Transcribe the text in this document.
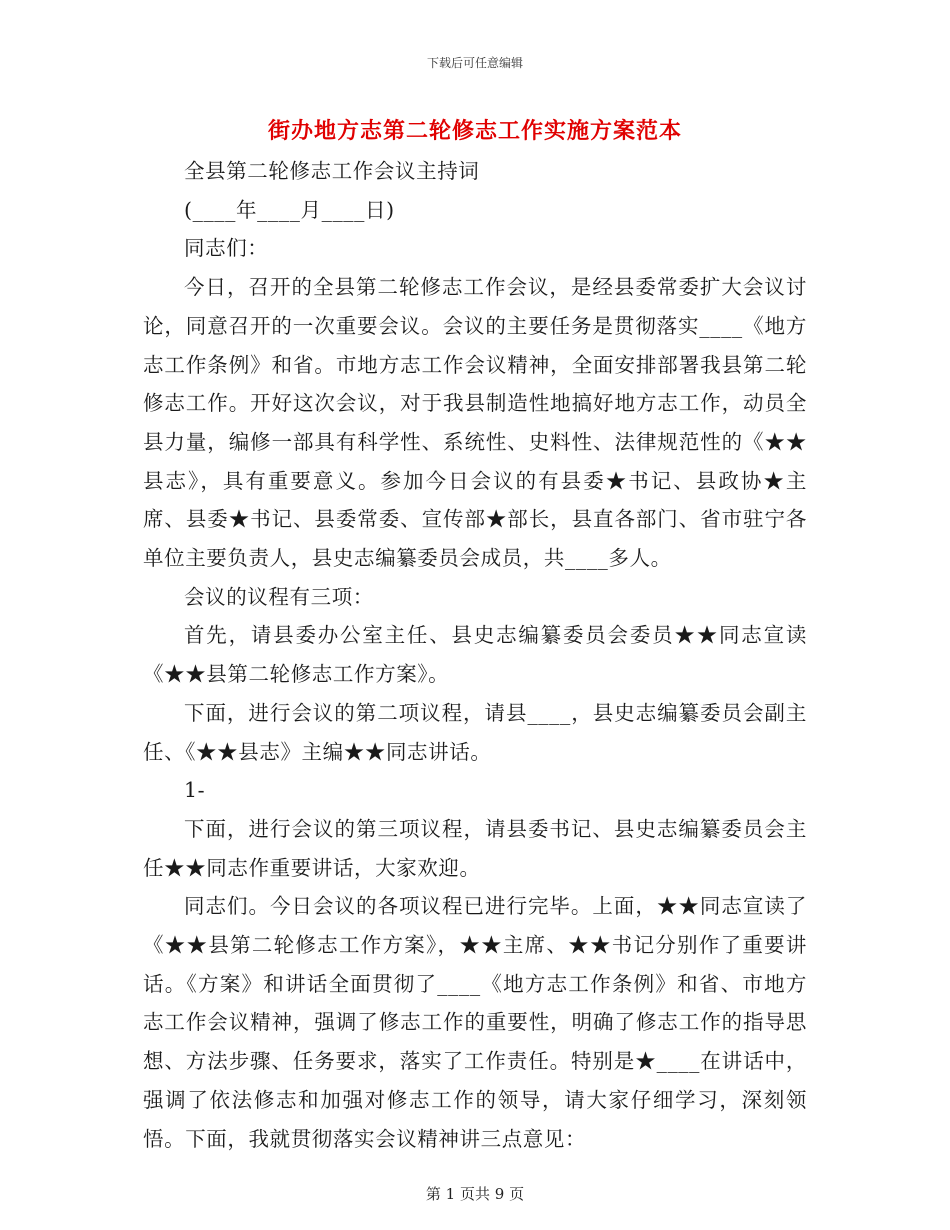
下载后可任意编辑
街办地方志第二轮修志工作实施方案范本

全县第二轮修志工作会议主持词

(____年____月____日)

同志们：

今日，召开的全县第二轮修志工作会议，是经县委常委扩大会议讨论，同意召开的一次重要会议。会议的主要任务是贯彻落实____《地方志工作条例》和省。市地方志工作会议精神，全面安排部署我县第二轮修志工作。开好这次会议，对于我县制造性地搞好地方志工作，动员全县力量，编修一部具有科学性、系统性、史料性、法律规范性的《★★县志》，具有重要意义。参加今日会议的有县委★书记、县政协★主席、县委★书记、县委常委、宣传部★部长，县直各部门、省市驻宁各单位主要负责人，县史志编纂委员会成员，共____多人。

会议的议程有三项：

首先，请县委办公室主任、县史志编纂委员会委员★★同志宣读《★★县第二轮修志工作方案》。

下面，进行会议的第二项议程，请县____，县史志编纂委员会副主任、《★★县志》主编★★同志讲话。

1-

下面，进行会议的第三项议程，请县委书记、县史志编纂委员会主任★★同志作重要讲话，大家欢迎。

同志们。今日会议的各项议程已进行完毕。上面，★★同志宣读了《★★县第二轮修志工作方案》，★★主席、★★书记分别作了重要讲话。《方案》和讲话全面贯彻了____《地方志工作条例》和省、市地方志工作会议精神，强调了修志工作的重要性，明确了修志工作的指导思想、方法步骤、任务要求，落实了工作责任。特别是★____在讲话中，强调了依法修志和加强对修志工作的领导，请大家仔细学习，深刻领悟。下面，我就贯彻落实会议精神讲三点意见：

第 1 页共 9 页
